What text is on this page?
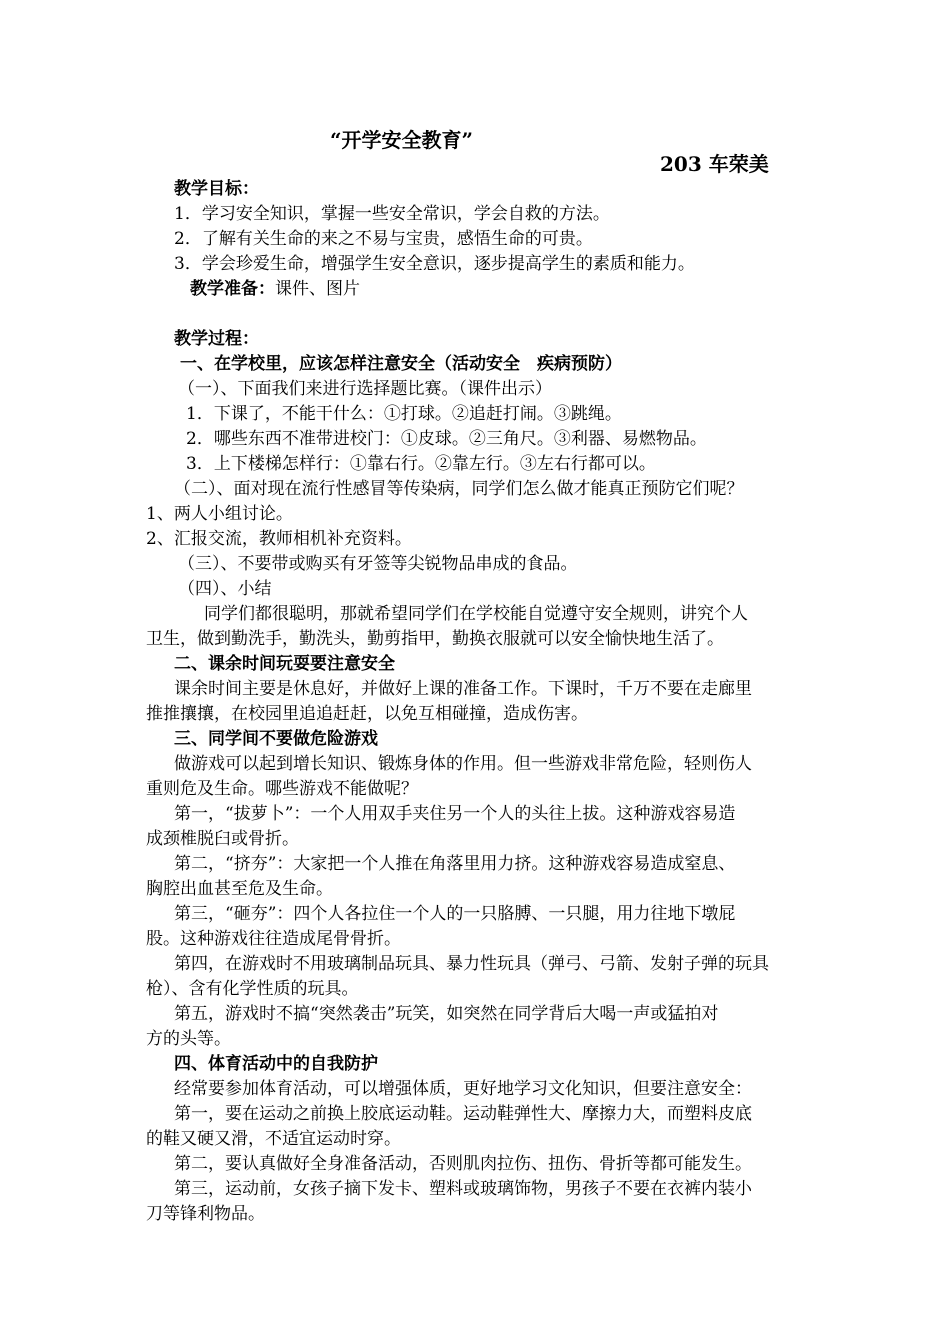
“开学安全教育”
203 车荣美
教学目标：
1．学习安全知识，掌握一些安全常识，学会自救的方法。
2．了解有关生命的来之不易与宝贵，感悟生命的可贵。
3．学会珍爱生命，增强学生安全意识，逐步提高学生的素质和能力。
教学准备：课件、图片
教学过程：
一、在学校里，应该怎样注意安全（活动安全　疾病预防）
（一）、下面我们来进行选择题比赛。（课件出示）
1．下课了，不能干什么：①打球。②追赶打闹。③跳绳。
2．哪些东西不准带进校门：①皮球。②三角尺。③利器、易燃物品。
3．上下楼梯怎样行：①靠右行。②靠左行。③左右行都可以。
（二）、面对现在流行性感冒等传染病，同学们怎么做才能真正预防它们呢？
1、两人小组讨论。
2、汇报交流，教师相机补充资料。
（三）、不要带或购买有牙签等尖锐物品串成的食品。
（四）、小结
同学们都很聪明，那就希望同学们在学校能自觉遵守安全规则，讲究个人
卫生，做到勤洗手，勤洗头，勤剪指甲，勤换衣服就可以安全愉快地生活了。
二、课余时间玩耍要注意安全
课余时间主要是休息好，并做好上课的准备工作。下课时，千万不要在走廊里
推推攘攘，在校园里追追赶赶，以免互相碰撞，造成伤害。
三、同学间不要做危险游戏
做游戏可以起到增长知识、锻炼身体的作用。但一些游戏非常危险，轻则伤人
重则危及生命。哪些游戏不能做呢？
第一，“拔萝卜”：一个人用双手夹住另一个人的头往上拔。这种游戏容易造
成颈椎脱臼或骨折。
第二，“挤夯”：大家把一个人推在角落里用力挤。这种游戏容易造成窒息、
胸腔出血甚至危及生命。
第三，“砸夯”：四个人各拉住一个人的一只胳膊、一只腿，用力往地下墩屁
股。这种游戏往往造成尾骨骨折。
第四，在游戏时不用玻璃制品玩具、暴力性玩具（弹弓、弓箭、发射子弹的玩具
枪）、含有化学性质的玩具。
第五，游戏时不搞“突然袭击”玩笑，如突然在同学背后大喝一声或猛拍对
方的头等。
四、体育活动中的自我防护
经常要参加体育活动，可以增强体质，更好地学习文化知识，但要注意安全：
第一，要在运动之前换上胶底运动鞋。运动鞋弹性大、摩擦力大，而塑料皮底
的鞋又硬又滑，不适宜运动时穿。
第二，要认真做好全身准备活动，否则肌肉拉伤、扭伤、骨折等都可能发生。
第三，运动前，女孩子摘下发卡、塑料或玻璃饰物，男孩子不要在衣裤内装小
刀等锋利物品。
